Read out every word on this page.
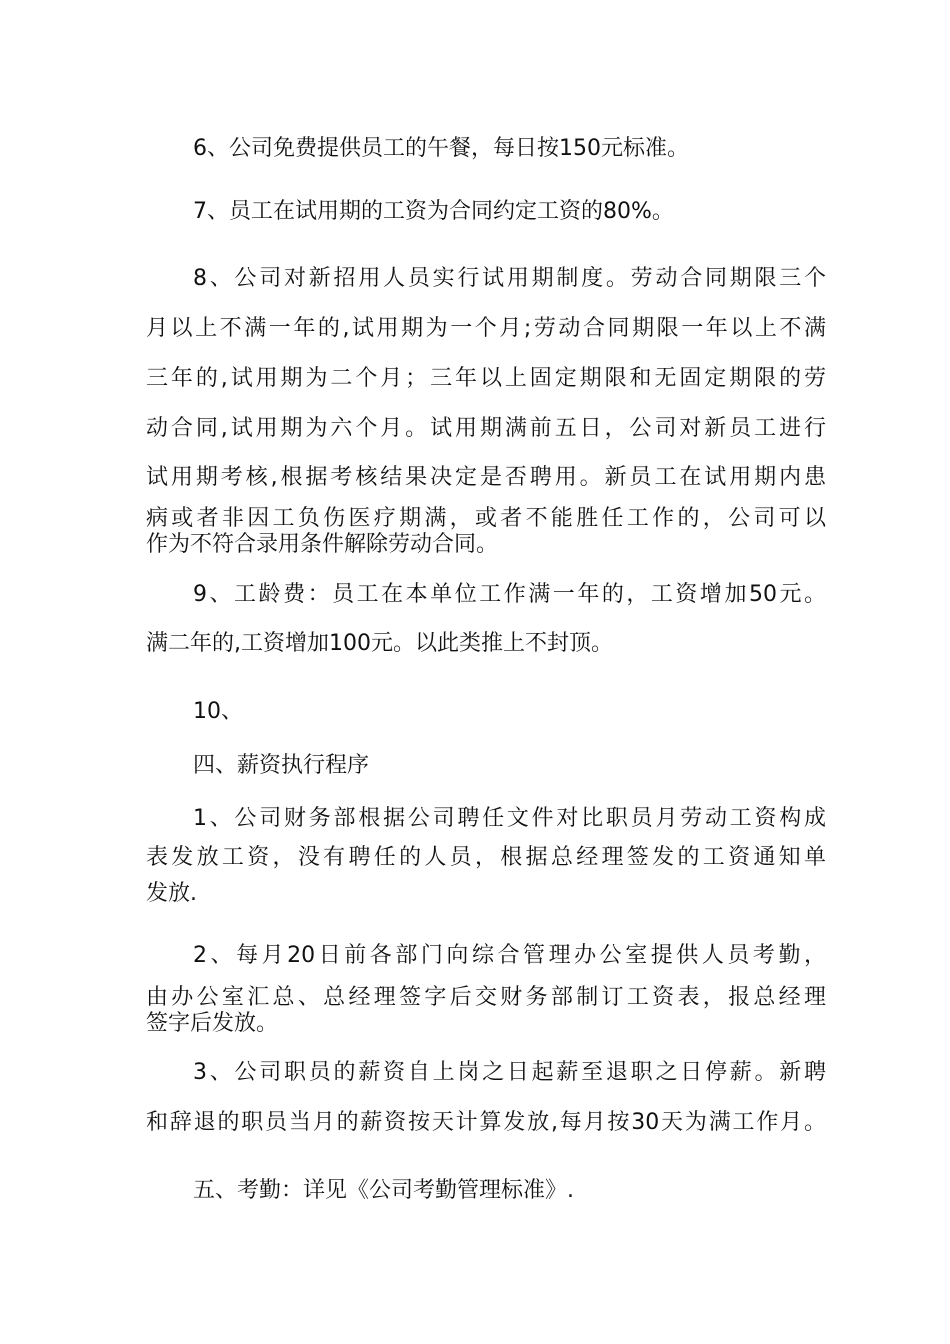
6、公司免费提供员工的午餐，每日按150元标准。
7、员工在试用期的工资为合同约定工资的80%。
8、公司对新招用人员实行试用期制度。劳动合同期限三个
月以上不满一年的,试用期为一个月;劳动合同期限一年以上不满
三年的,试用期为二个月；三年以上固定期限和无固定期限的劳
动合同,试用期为六个月。试用期满前五日，公司对新员工进行
试用期考核,根据考核结果决定是否聘用。新员工在试用期内患
病或者非因工负伤医疗期满，或者不能胜任工作的，公司可以
作为不符合录用条件解除劳动合同。
9、工龄费：员工在本单位工作满一年的，工资增加50元。
满二年的,工资增加100元。以此类推上不封顶。
10、
四、薪资执行程序
1、公司财务部根据公司聘任文件对比职员月劳动工资构成
表发放工资，没有聘任的人员，根据总经理签发的工资通知单
发放.
2、每月20日前各部门向综合管理办公室提供人员考勤，
由办公室汇总、总经理签字后交财务部制订工资表，报总经理
签字后发放。
3、公司职员的薪资自上岗之日起薪至退职之日停薪。新聘
和辞退的职员当月的薪资按天计算发放,每月按30天为满工作月。
五、考勤：详见《公司考勤管理标准》.
